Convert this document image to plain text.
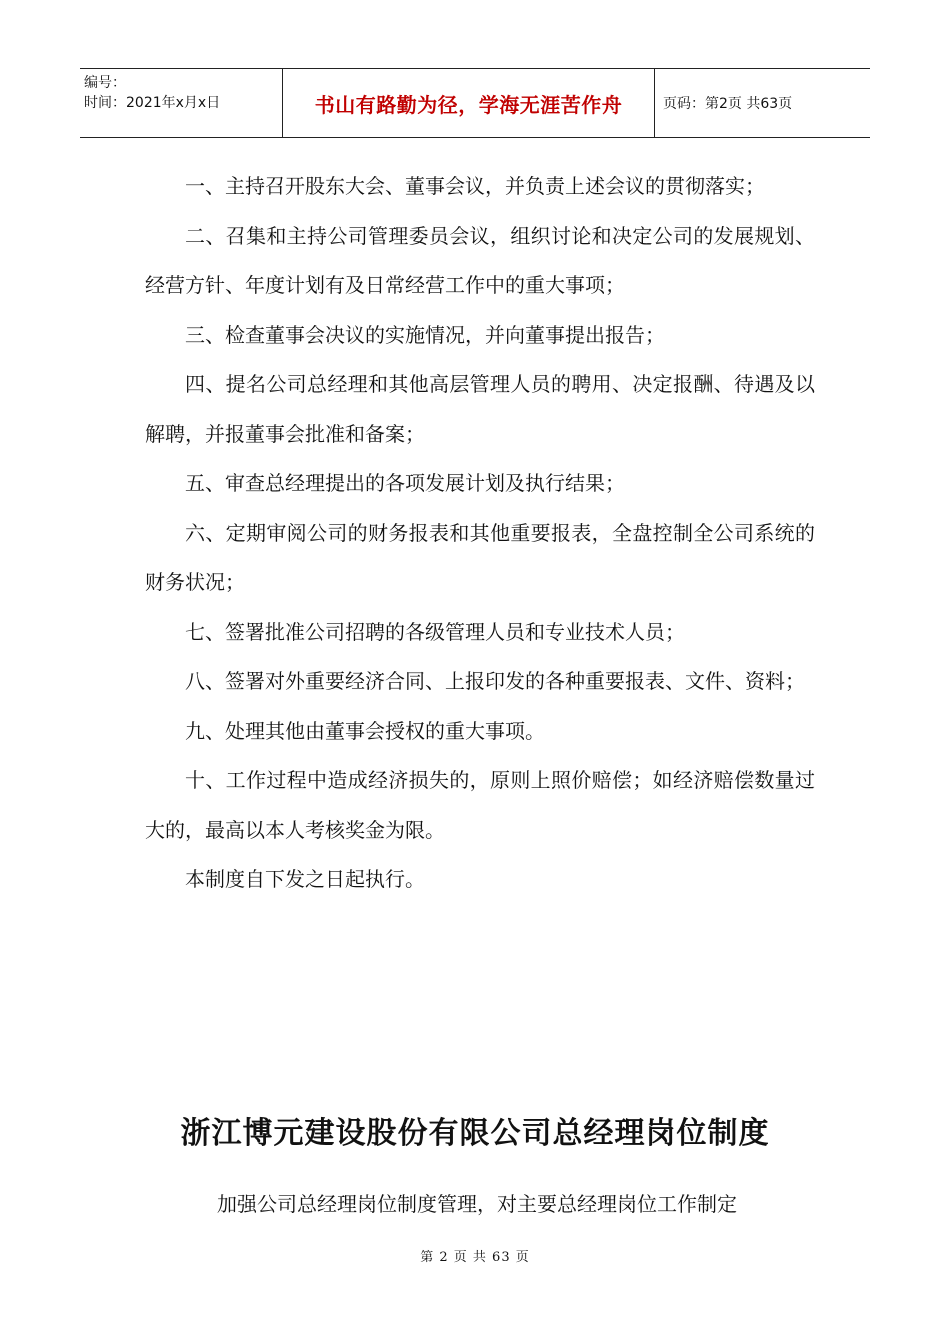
编号：
时间：2021年x月x日	书山有路勤为径，学海无涯苦作舟	页码：第2页 共63页

一、主持召开股东大会、董事会议，并负责上述会议的贯彻落实；

二、召集和主持公司管理委员会议，组织讨论和决定公司的发展规划、经营方针、年度计划有及日常经营工作中的重大事项；

三、检查董事会决议的实施情况，并向董事提出报告；

四、提名公司总经理和其他高层管理人员的聘用、决定报酬、待遇及以解聘，并报董事会批准和备案；

五、审查总经理提出的各项发展计划及执行结果；

六、定期审阅公司的财务报表和其他重要报表，全盘控制全公司系统的财务状况；

七、签署批准公司招聘的各级管理人员和专业技术人员；

八、签署对外重要经济合同、上报印发的各种重要报表、文件、资料；

九、处理其他由董事会授权的重大事项。

十、工作过程中造成经济损失的，原则上照价赔偿；如经济赔偿数量过大的，最高以本人考核奖金为限。

本制度自下发之日起执行。

浙江博元建设股份有限公司总经理岗位制度

加强公司总经理岗位制度管理，对主要总经理岗位工作制定

第 2 页 共 63 页
